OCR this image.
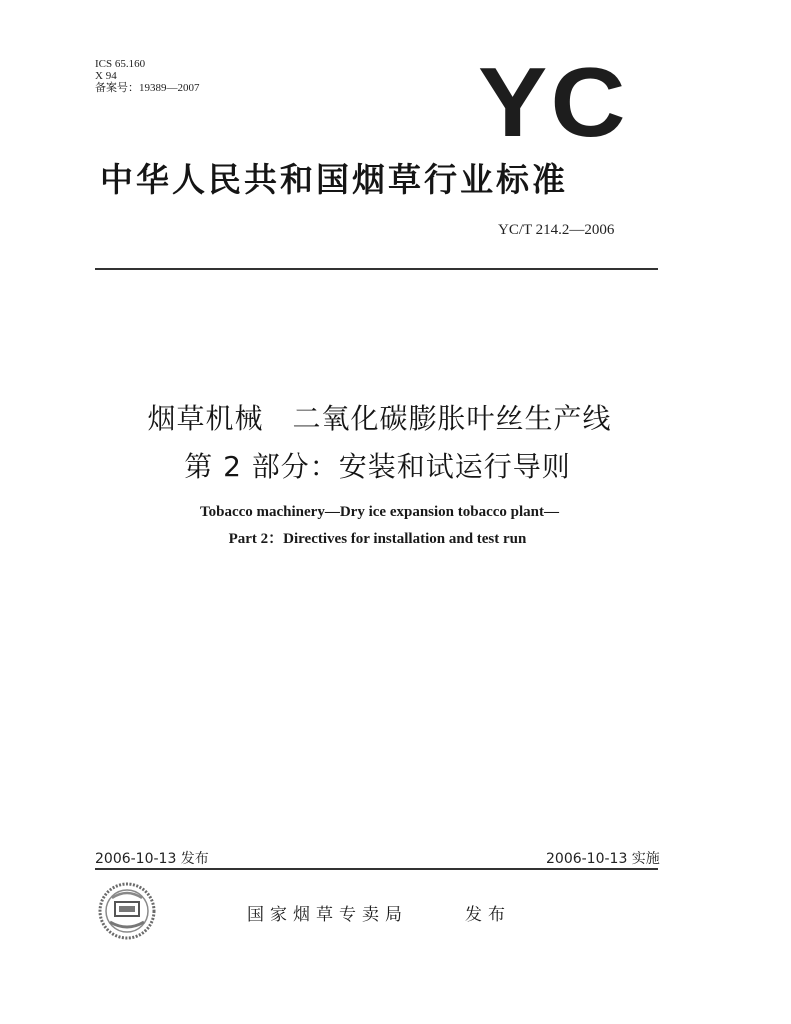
ICS 65.160
X 94
备案号：19389—2007	YC
中华人民共和国烟草行业标准
YC/T 214.2—2006
烟草机械　二氧化碳膨胀叶丝生产线
第 2 部分：安装和试运行导则
Tobacco machinery—Dry ice expansion tobacco plant—
Part 2：Directives for installation and test run
2006-10-13 发布	2006-10-13 实施
国家烟草专卖局	发布
